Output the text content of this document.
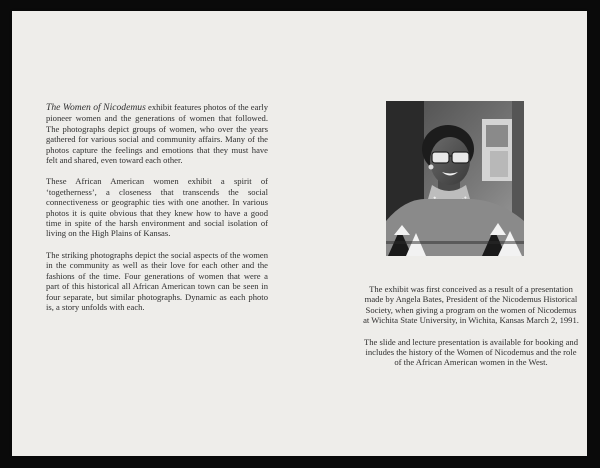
The Women of Nicodemus exhibit features photos of the early pioneer women and the generations of women that followed. The photographs depict groups of women, who over the years gathered for various social and community affairs. Many of the photos capture the feelings and emotions that they must have felt and shared, even toward each other.

These African American women exhibit a spirit of ‘togetherness’, a closeness that transcends the social connectiveness or geographic ties with one another. In various photos it is quite obvious that they knew how to have a good time in spite of the harsh environment and social isolation of living on the High Plains of Kansas.

The striking photographs depict the social aspects of the women in the community as well as their love for each other and the fashions of the time. Four generations of women that were a part of this historical all African American town can be seen in four separate, but similar photographs. Dynamic as each photo is, a story unfolds with each.

The exhibit was first conceived as a result of a presentation made by Angela Bates, President of the Nicodemus Historical Society, when giving a program on the women of Nicodemus at Wichita State University, in Wichita, Kansas March 2, 1991.

The slide and lecture presentation is available for booking and includes the history of the Women of Nicodemus and the role of the African American women in the West.
